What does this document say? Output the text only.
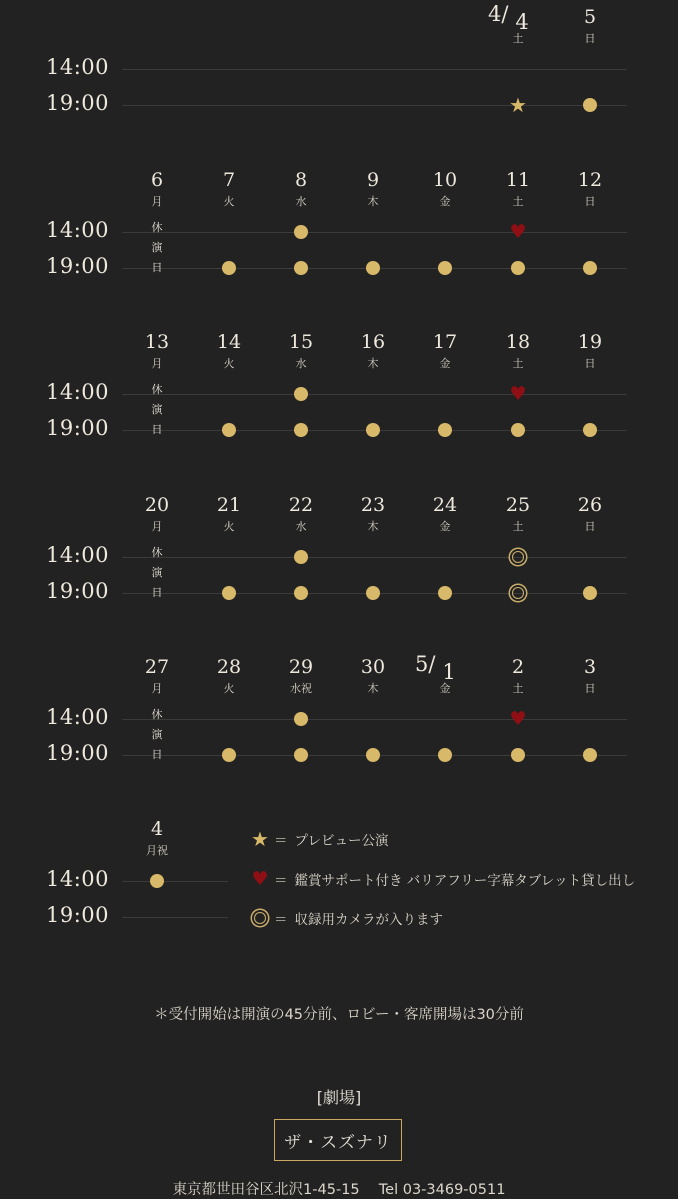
14:00
19:00
4
4/
土
★
5
日
14:00
19:00
6
月
休
演
日
7
火
8
水
9
木
10
金
11
土
♥
12
日
14:00
19:00
13
月
休
演
日
14
火
15
水
16
木
17
金
18
土
♥
19
日
14:00
19:00
20
月
休
演
日
21
火
22
水
23
木
24
金
25
土
26
日
14:00
19:00
27
月
休
演
日
28
火
29
水祝
30
木
1
5/
金
2
土
♥
3
日
14:00
19:00
4
月祝	★ ＝ プレビュー公演
♥ ＝ 鑑賞サポート付き バリアフリー字幕タブレット貸し出し
＝ 収録用カメラが入ります
＊受付開始は開演の45分前、ロビー・客席開場は30分前
[劇場]
ザ・スズナリ
東京都世田谷区北沢1-45-15　 Tel 03-3469-0511
